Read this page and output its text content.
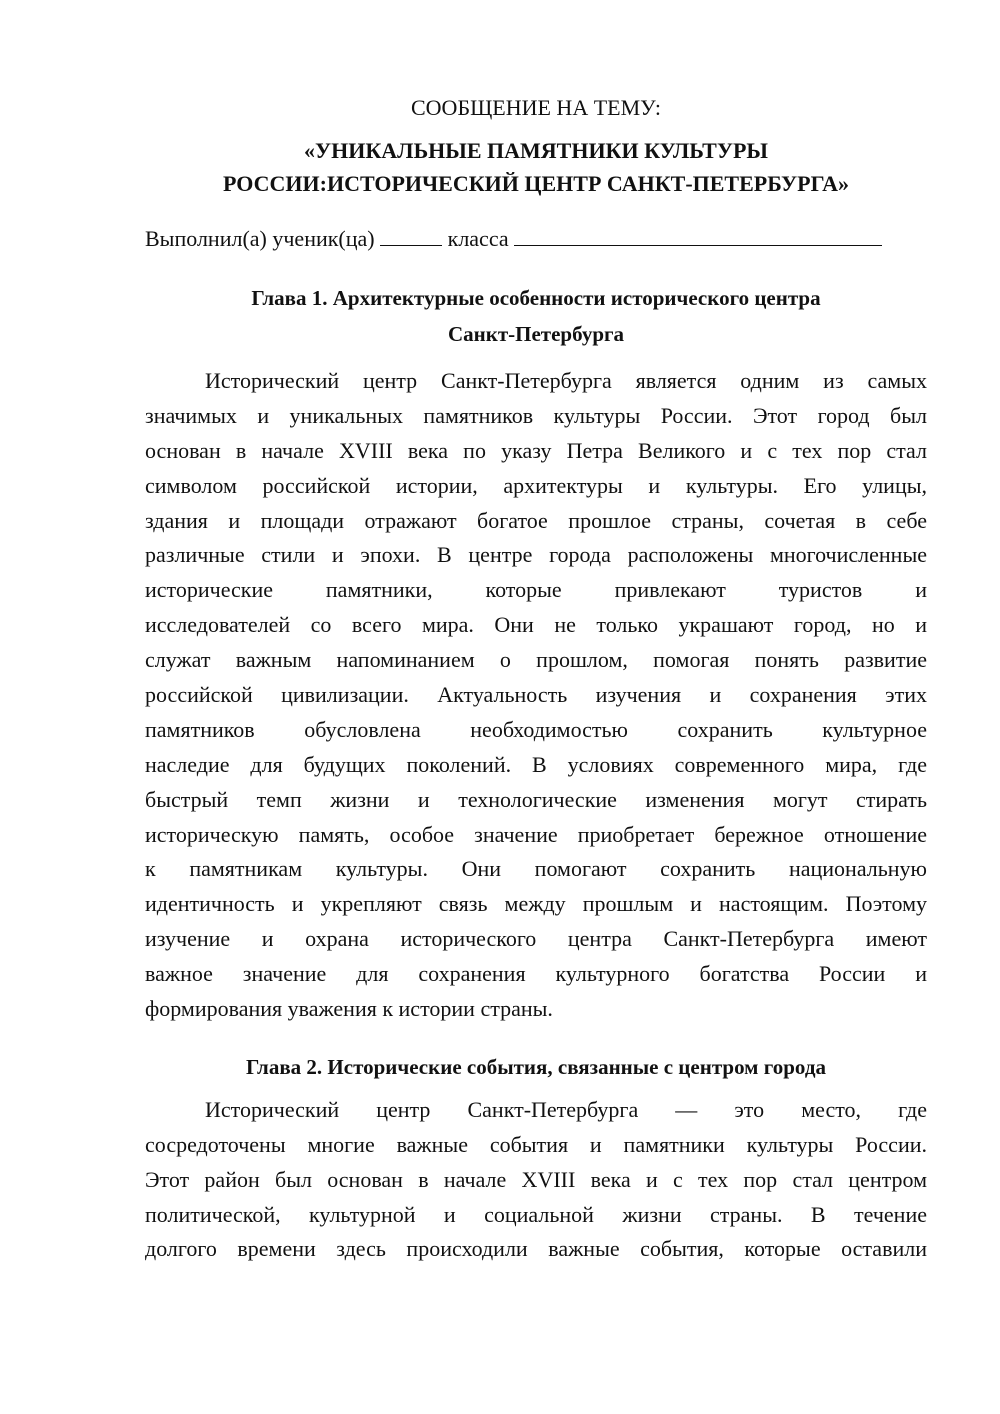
СООБЩЕНИЕ НА ТЕМУ:

«УНИКАЛЬНЫЕ ПАМЯТНИКИ КУЛЬТУРЫ
РОССИИ:ИСТОРИЧЕСКИЙ ЦЕНТР САНКТ-ПЕТЕРБУРГА»

Выполнил(а) ученик(ца)	класса

Глава 1. Архитектурные особенности исторического центра
Санкт-Петербурга
Исторический центр Санкт-Петербурга является одним из самых
значимых и уникальных памятников культуры России. Этот город был
основан в начале XVIII века по указу Петра Великого и с тех пор стал
символом российской истории, архитектуры и культуры. Его улицы,
здания и площади отражают богатое прошлое страны, сочетая в себе
различные стили и эпохи. В центре города расположены многочисленные
исторические памятники, которые привлекают туристов и
исследователей со всего мира. Они не только украшают город, но и
служат важным напоминанием о прошлом, помогая понять развитие
российской цивилизации. Актуальность изучения и сохранения этих
памятников обусловлена необходимостью сохранить культурное
наследие для будущих поколений. В условиях современного мира, где
быстрый темп жизни и технологические изменения могут стирать
историческую память, особое значение приобретает бережное отношение
к памятникам культуры. Они помогают сохранить национальную
идентичность и укрепляют связь между прошлым и настоящим. Поэтому
изучение и охрана исторического центра Санкт-Петербурга имеют
важное значение для сохранения культурного богатства России и
формирования уважения к истории страны.
Глава 2. Исторические события, связанные с центром города
Исторический центр Санкт-Петербурга — это место, где
сосредоточены многие важные события и памятники культуры России.
Этот район был основан в начале XVIII века и с тех пор стал центром
политической, культурной и социальной жизни страны. В течение
долгого времени здесь происходили важные события, которые оставили
